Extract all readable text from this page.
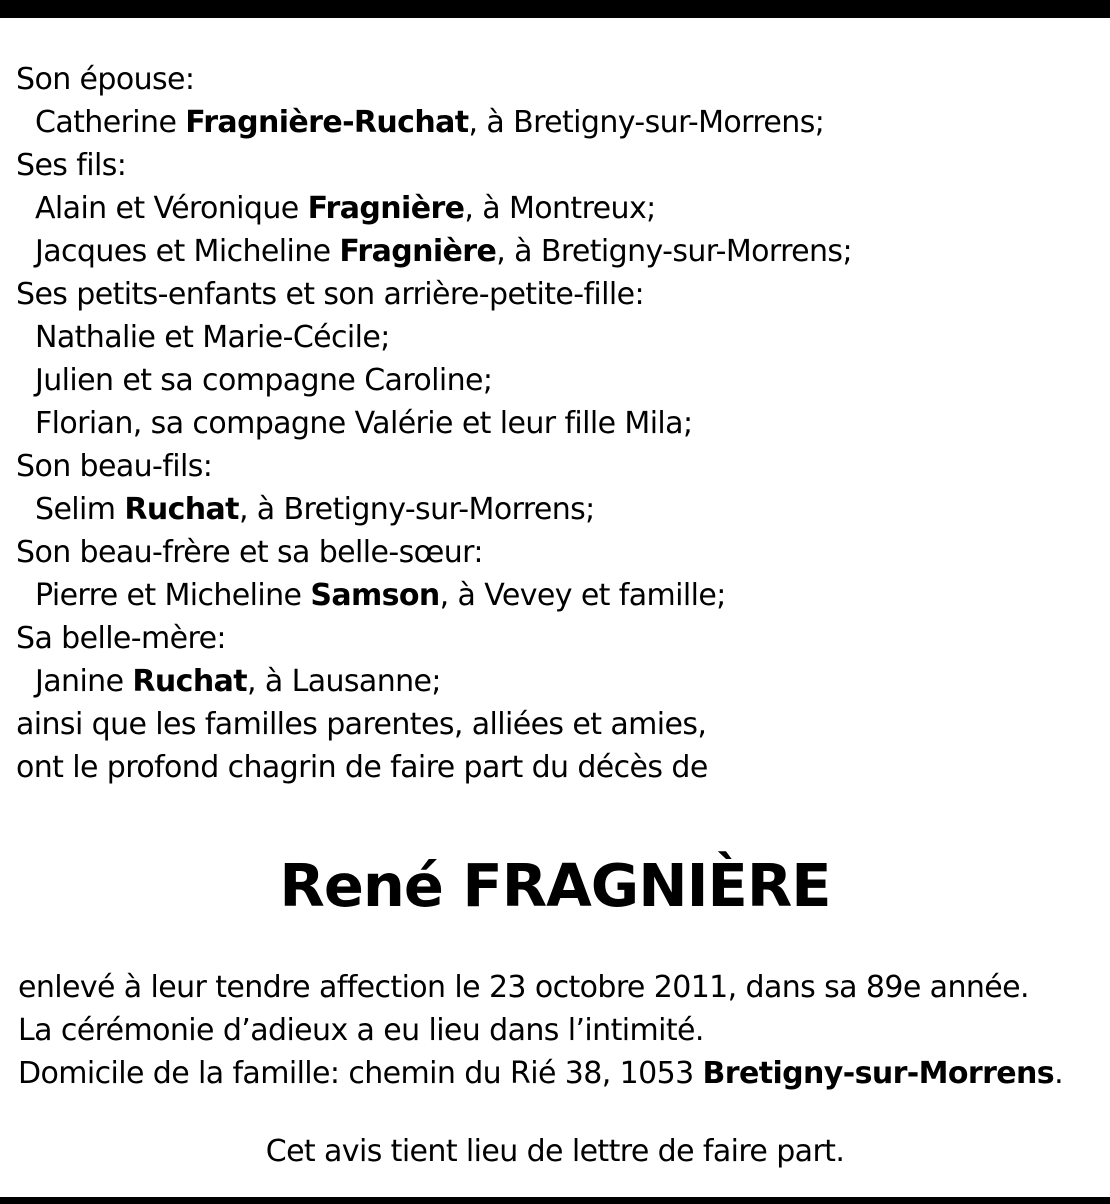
Son épouse:
Catherine Fragnière-Ruchat, à Bretigny-sur-Morrens;
Ses fils:
Alain et Véronique Fragnière, à Montreux;
Jacques et Micheline Fragnière, à Bretigny-sur-Morrens;
Ses petits-enfants et son arrière-petite-fille:
Nathalie et Marie-Cécile;
Julien et sa compagne Caroline;
Florian, sa compagne Valérie et leur fille Mila;
Son beau-fils:
Selim Ruchat, à Bretigny-sur-Morrens;
Son beau-frère et sa belle-sœur:
Pierre et Micheline Samson, à Vevey et famille;
Sa belle-mère:
Janine Ruchat, à Lausanne;
ainsi que les familles parentes, alliées et amies,
ont le profond chagrin de faire part du décès de
René FRAGNIÈRE
enlevé à leur tendre affection le 23 octobre 2011, dans sa 89e année.
La cérémonie d’adieux a eu lieu dans l’intimité.
Domicile de la famille: chemin du Rié 38, 1053 Bretigny-sur-Morrens.
Cet avis tient lieu de lettre de faire part.
